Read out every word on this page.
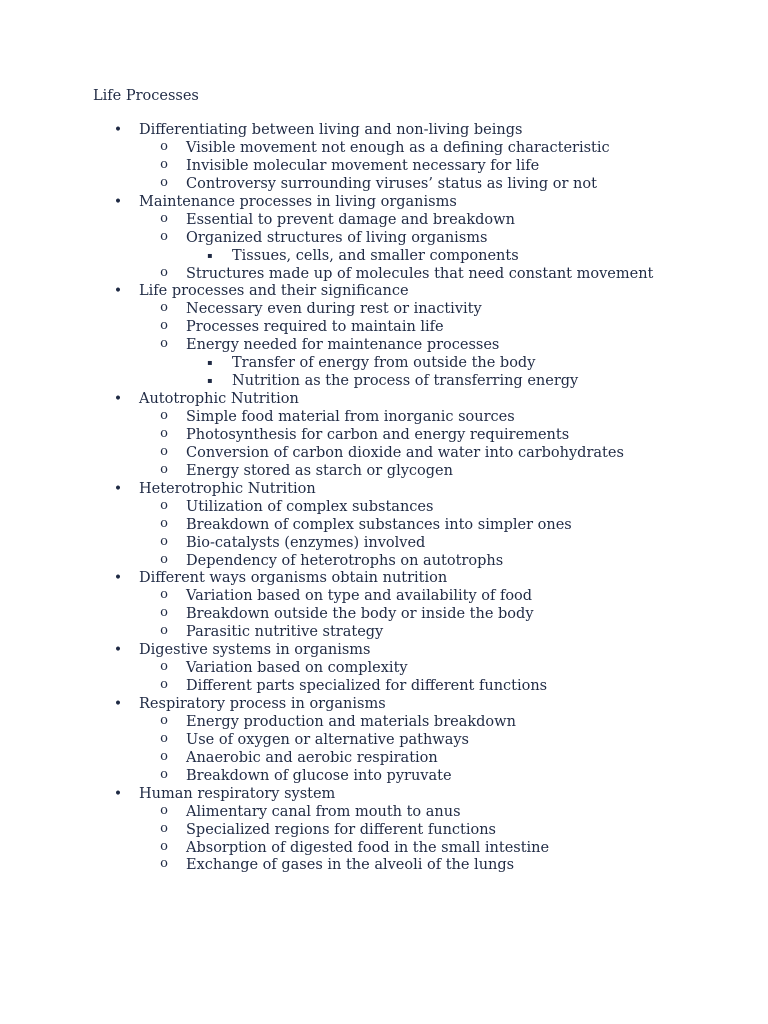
Life Processes
• Differentiating between living and non-living beings
o Visible movement not enough as a defining characteristic
o Invisible molecular movement necessary for life
o Controversy surrounding viruses’ status as living or not
• Maintenance processes in living organisms
o Essential to prevent damage and breakdown
o Organized structures of living organisms
▪ Tissues, cells, and smaller components
o Structures made up of molecules that need constant movement
• Life processes and their significance
o Necessary even during rest or inactivity
o Processes required to maintain life
o Energy needed for maintenance processes
▪ Transfer of energy from outside the body
▪ Nutrition as the process of transferring energy
• Autotrophic Nutrition
o Simple food material from inorganic sources
o Photosynthesis for carbon and energy requirements
o Conversion of carbon dioxide and water into carbohydrates
o Energy stored as starch or glycogen
• Heterotrophic Nutrition
o Utilization of complex substances
o Breakdown of complex substances into simpler ones
o Bio-catalysts (enzymes) involved
o Dependency of heterotrophs on autotrophs
• Different ways organisms obtain nutrition
o Variation based on type and availability of food
o Breakdown outside the body or inside the body
o Parasitic nutritive strategy
• Digestive systems in organisms
o Variation based on complexity
o Different parts specialized for different functions
• Respiratory process in organisms
o Energy production and materials breakdown
o Use of oxygen or alternative pathways
o Anaerobic and aerobic respiration
o Breakdown of glucose into pyruvate
• Human respiratory system
o Alimentary canal from mouth to anus
o Specialized regions for different functions
o Absorption of digested food in the small intestine
o Exchange of gases in the alveoli of the lungs
